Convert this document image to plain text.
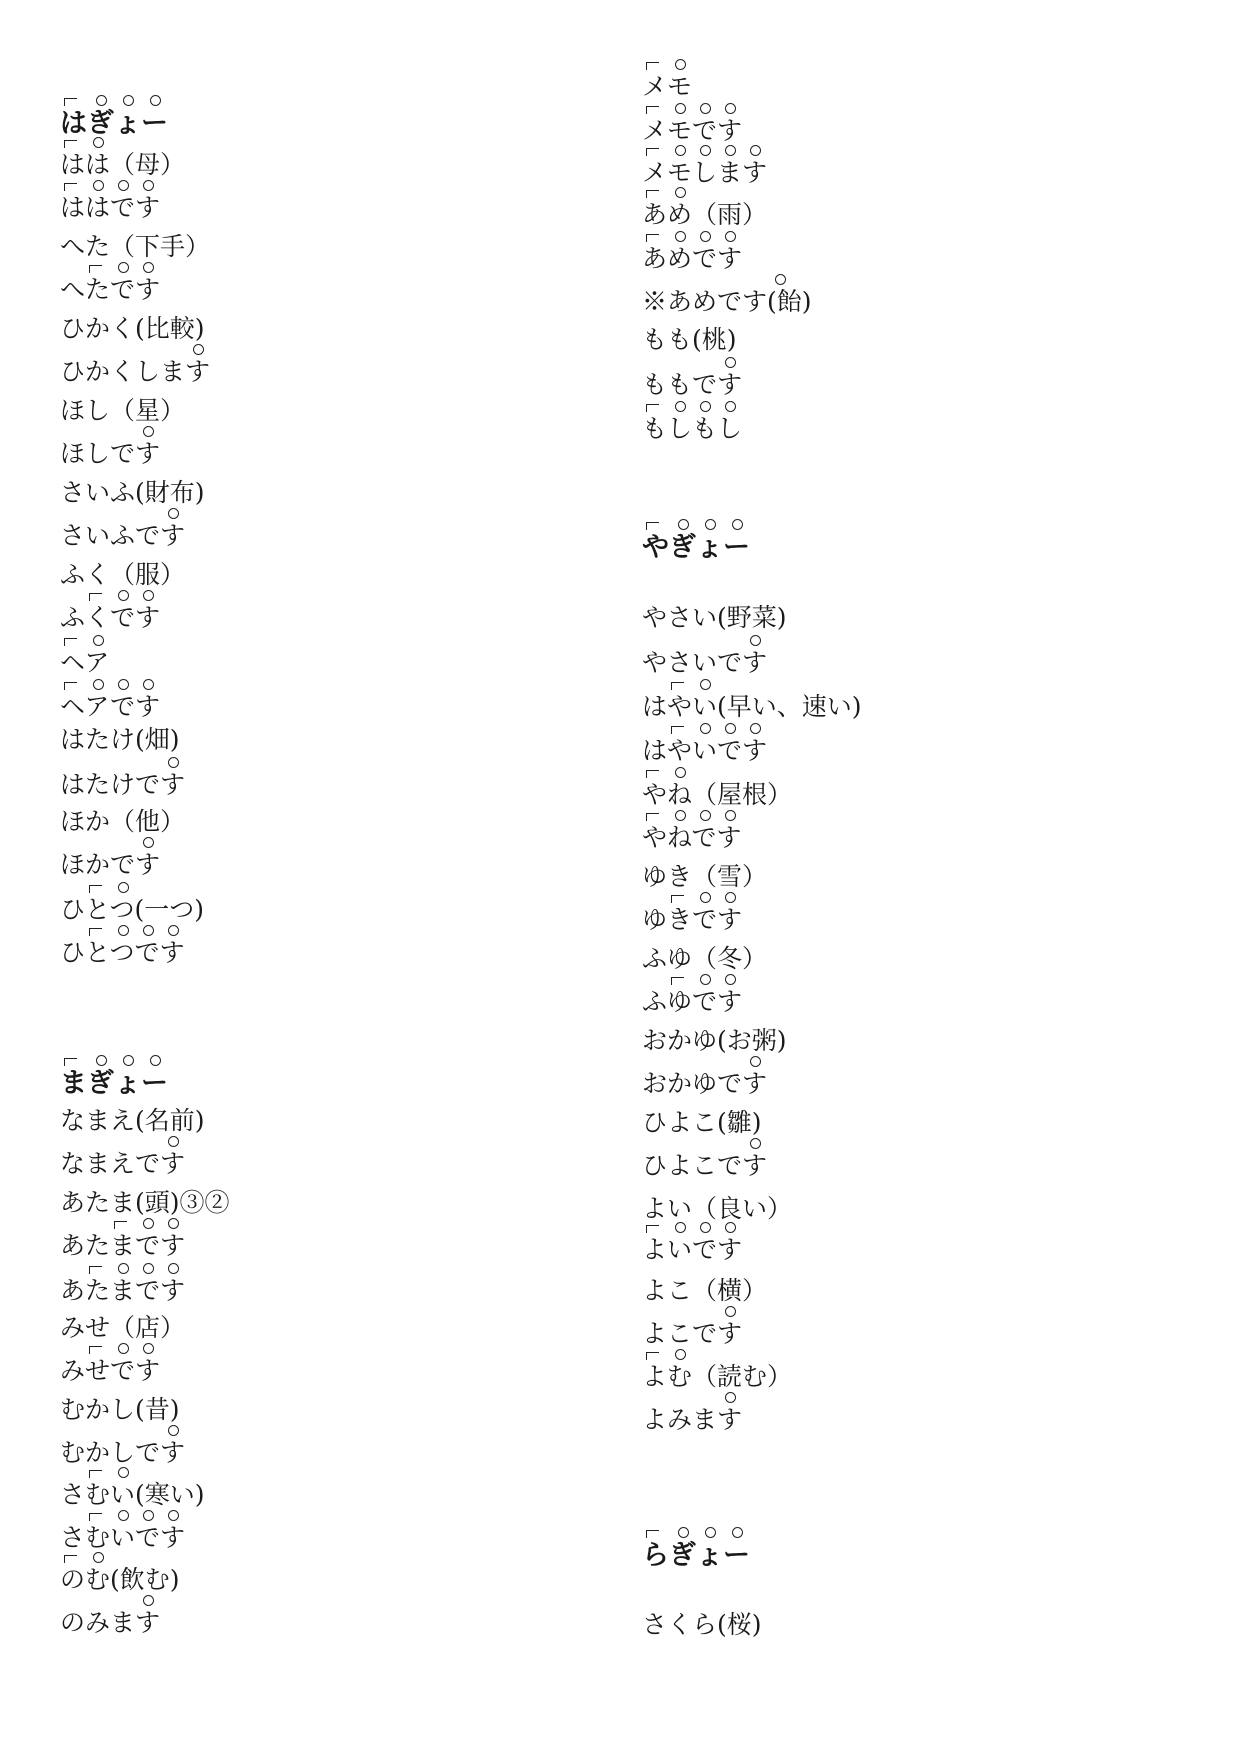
はぎょー
はは（母）
ははです
へた（下手）
へたです
ひかく(比較)
ひかくします
ほし（星）
ほしです
さいふ(財布)
さいふです
ふく（服）
ふくです
ヘア
ヘアです
はたけ(畑)
はたけです
ほか（他）
ほかです
ひとつ(一つ)
ひとつです
まぎょー
なまえ(名前)
なまえです
あたま(頭)③②
あたまです
あたまです
みせ（店）
みせです
むかし(昔)
むかしです
さむい(寒い)
さむいです
のむ(飲む)
のみます
メモ
メモです
メモします
あめ（雨）
あめです
※あめです(飴)
もも(桃)
ももです
もしもし
やぎょー
やさい(野菜)
やさいです
はやい(早い、速い)
はやいです
やね（屋根）
やねです
ゆき（雪）
ゆきです
ふゆ（冬）
ふゆです
おかゆ(お粥)
おかゆです
ひよこ(雛)
ひよこです
よい（良い）
よいです
よこ（横）
よこです
よむ（読む）
よみます
らぎょー
さくら(桜)
